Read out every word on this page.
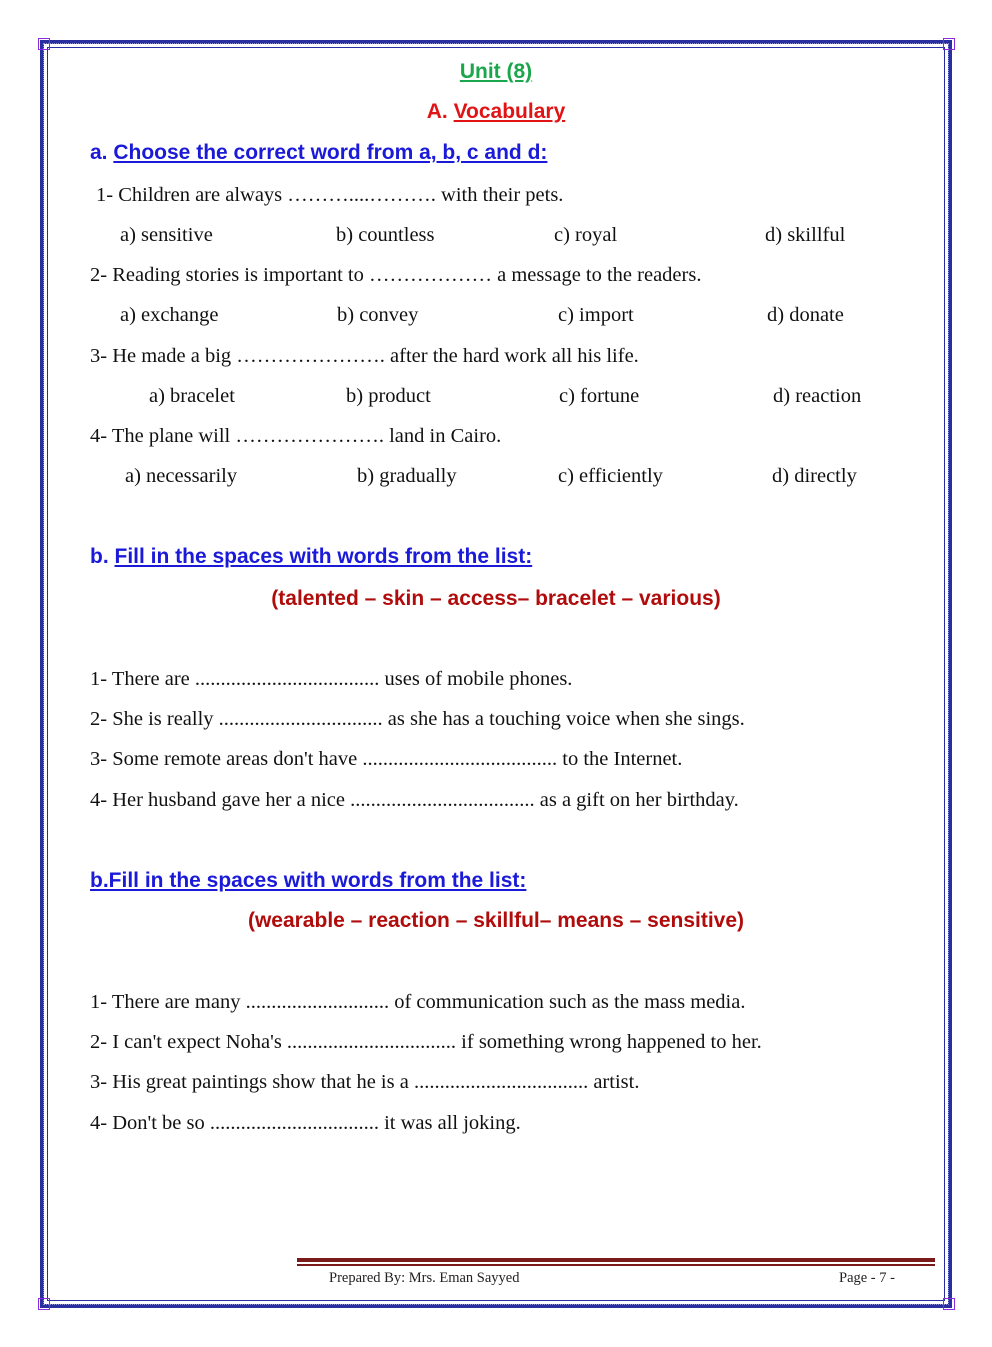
Unit (8)
A. Vocabulary
a. Choose the correct word from a, b, c and d:
1- Children are always ………....………. with their pets.
a) sensitive	b) countless	c) royal	d) skillful
2- Reading stories is important to ……………… a message to the readers.
a) exchange	b) convey	c) import	d) donate
3- He made a big …………………. after the hard work all his life.
a) bracelet	b) product	c) fortune	d) reaction
4- The plane will …………………. land in Cairo.
a) necessarily	b) gradually	c) efficiently	d) directly
b. Fill in the spaces with words from the list:
(talented – skin – access– bracelet – various)
1- There are .................................... uses of mobile phones.
2- She is really ................................ as she has a touching voice when she sings.
3- Some remote areas don't have ...................................... to the Internet.
4- Her husband gave her a nice .................................... as a gift on her birthday.
b.Fill in the spaces with words from the list:
(wearable – reaction – skillful– means – sensitive)
1- There are many ............................ of communication such as the mass media.
2- I can't expect Noha's ................................. if something wrong happened to her.
3- His great paintings show that he is a .................................. artist.
4- Don't be so ................................. it was all joking.
Prepared By: Mrs. Eman Sayyed	Page - 7 -
